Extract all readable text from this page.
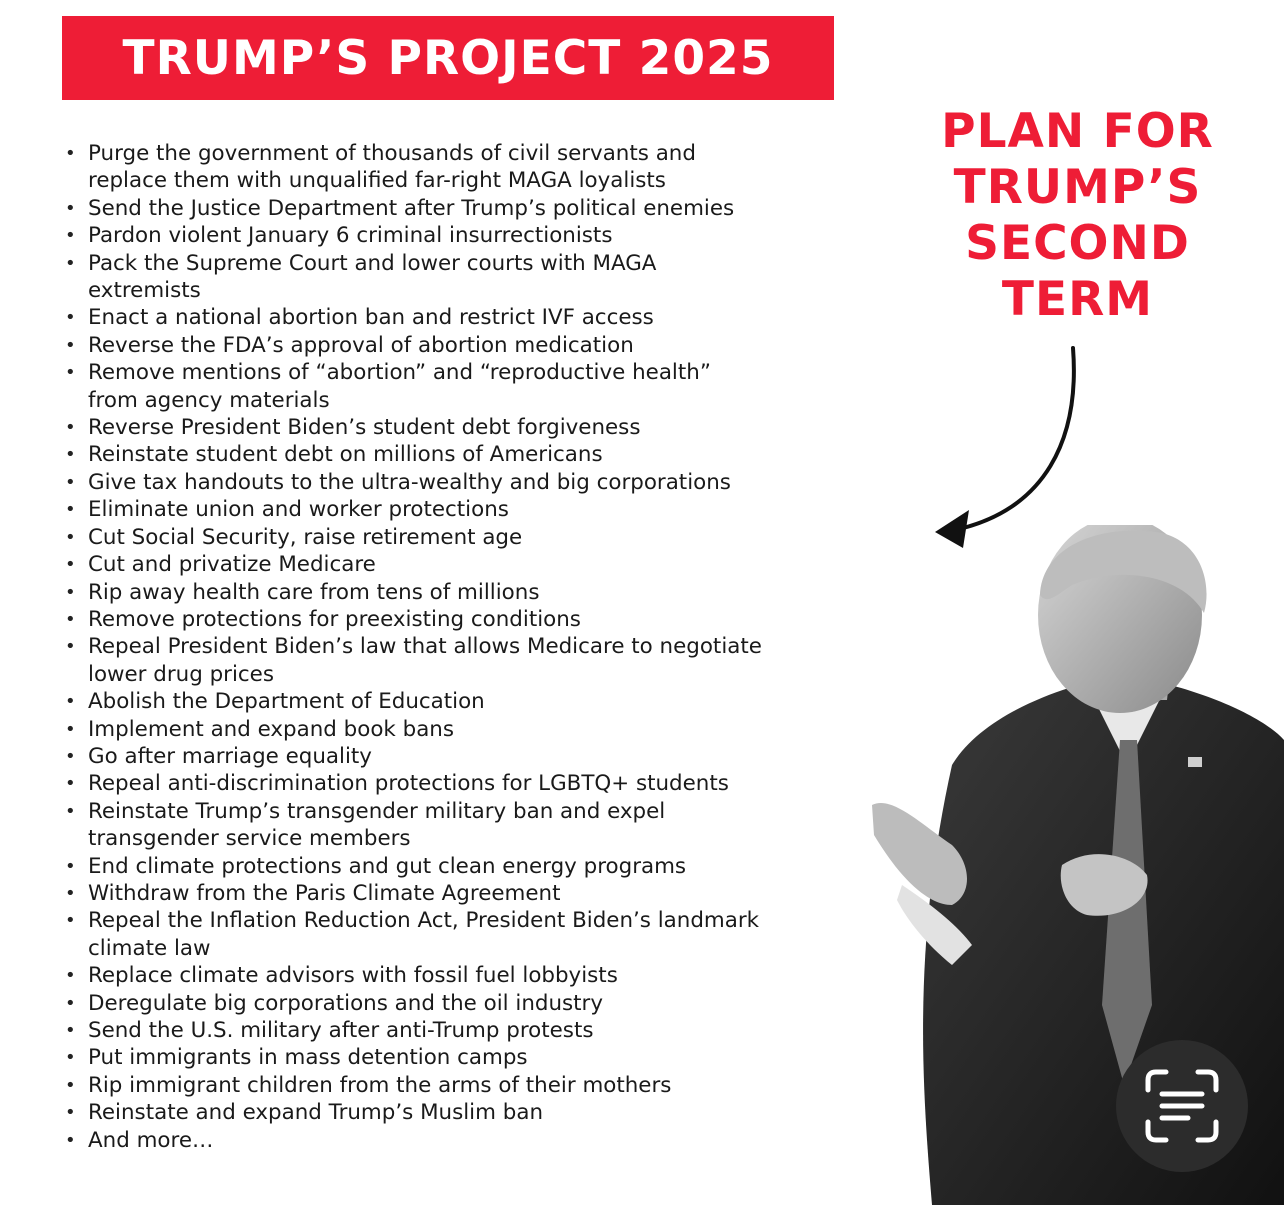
TRUMP’S PROJECT 2025
• Purge the government of thousands of civil servants and
replace them with unqualified far-right MAGA loyalists
• Send the Justice Department after Trump’s political enemies
• Pardon violent January 6 criminal insurrectionists
• Pack the Supreme Court and lower courts with MAGA
extremists
• Enact a national abortion ban and restrict IVF access
• Reverse the FDA’s approval of abortion medication
• Remove mentions of “abortion” and “reproductive health”
from agency materials
• Reverse President Biden’s student debt forgiveness
• Reinstate student debt on millions of Americans
• Give tax handouts to the ultra-wealthy and big corporations
• Eliminate union and worker protections
• Cut Social Security, raise retirement age
• Cut and privatize Medicare
• Rip away health care from tens of millions
• Remove protections for preexisting conditions
• Repeal President Biden’s law that allows Medicare to negotiate
lower drug prices
• Abolish the Department of Education
• Implement and expand book bans
• Go after marriage equality
• Repeal anti-discrimination protections for LGBTQ+ students
• Reinstate Trump’s transgender military ban and expel
transgender service members
• End climate protections and gut clean energy programs
• Withdraw from the Paris Climate Agreement
• Repeal the Inflation Reduction Act, President Biden’s landmark
climate law
• Replace climate advisors with fossil fuel lobbyists
• Deregulate big corporations and the oil industry
• Send the U.S. military after anti-Trump protests
• Put immigrants in mass detention camps
• Rip immigrant children from the arms of their mothers
• Reinstate and expand Trump’s Muslim ban
• And more…
PLAN FOR
TRUMP’S
SECOND
TERM
